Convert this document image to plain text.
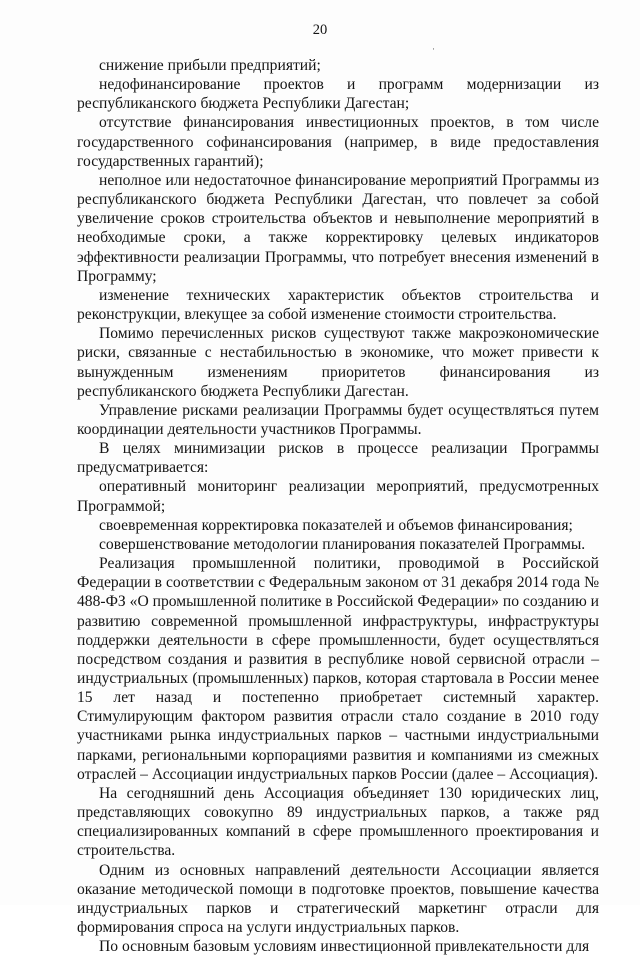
20
·

снижение прибыли предприятий;

недофинансирование проектов и программ модернизации из республиканского бюджета Республики Дагестан;

отсутствие финансирования инвестиционных проектов, в том числе государственного софинансирования (например, в виде предоставления государственных гарантий);

неполное или недостаточное финансирование мероприятий Программы из республиканского бюджета Республики Дагестан, что повлечет за собой увеличение сроков строительства объектов и невыполнение мероприятий в необходимые сроки, а также корректировку целевых индикаторов эффективности реализации Программы, что потребует внесения изменений в Программу;

изменение технических характеристик объектов строительства и реконструкции, влекущее за собой изменение стоимости строительства.

Помимо перечисленных рисков существуют также макроэкономические риски, связанные с нестабильностью в экономике, что может привести к вынужденным изменениям приоритетов финансирования из республиканского бюджета Республики Дагестан.

Управление рисками реализации Программы будет осуществляться путем координации деятельности участников Программы.

В целях минимизации рисков в процессе реализации Программы предусматривается:

оперативный мониторинг реализации мероприятий, предусмотренных Программой;

своевременная корректировка показателей и объемов финансирования;

совершенствование методологии планирования показателей Программы.

Реализация промышленной политики, проводимой в Российской Федерации в соответствии с Федеральным законом от 31 декабря 2014 года № 488-ФЗ «О промышленной политике в Российской Федерации» по созданию и развитию современной промышленной инфраструктуры, инфраструктуры поддержки деятельности в сфере промышленности, будет осуществляться посредством создания и развития в республике новой сервисной отрасли – индустриальных (промышленных) парков, которая стартовала в России менее 15 лет назад и постепенно приобретает системный характер. Стимулирующим фактором развития отрасли стало создание в 2010 году участниками рынка индустриальных парков – частными индустриальными парками, региональными корпорациями развития и компаниями из смежных отраслей – Ассоциации индустриальных парков России (далее – Ассоциация).

На сегодняшний день Ассоциация объединяет 130 юридических лиц, представляющих совокупно 89 индустриальных парков, а также ряд специализированных компаний в сфере промышленного проектирования и строительства.

Одним из основных направлений деятельности Ассоциации является оказание методической помощи в подготовке проектов, повышение качества индустриальных парков и стратегический маркетинг отрасли для формирования спроса на услуги индустриальных парков.

По основным базовым условиям инвестиционной привлекательности для
